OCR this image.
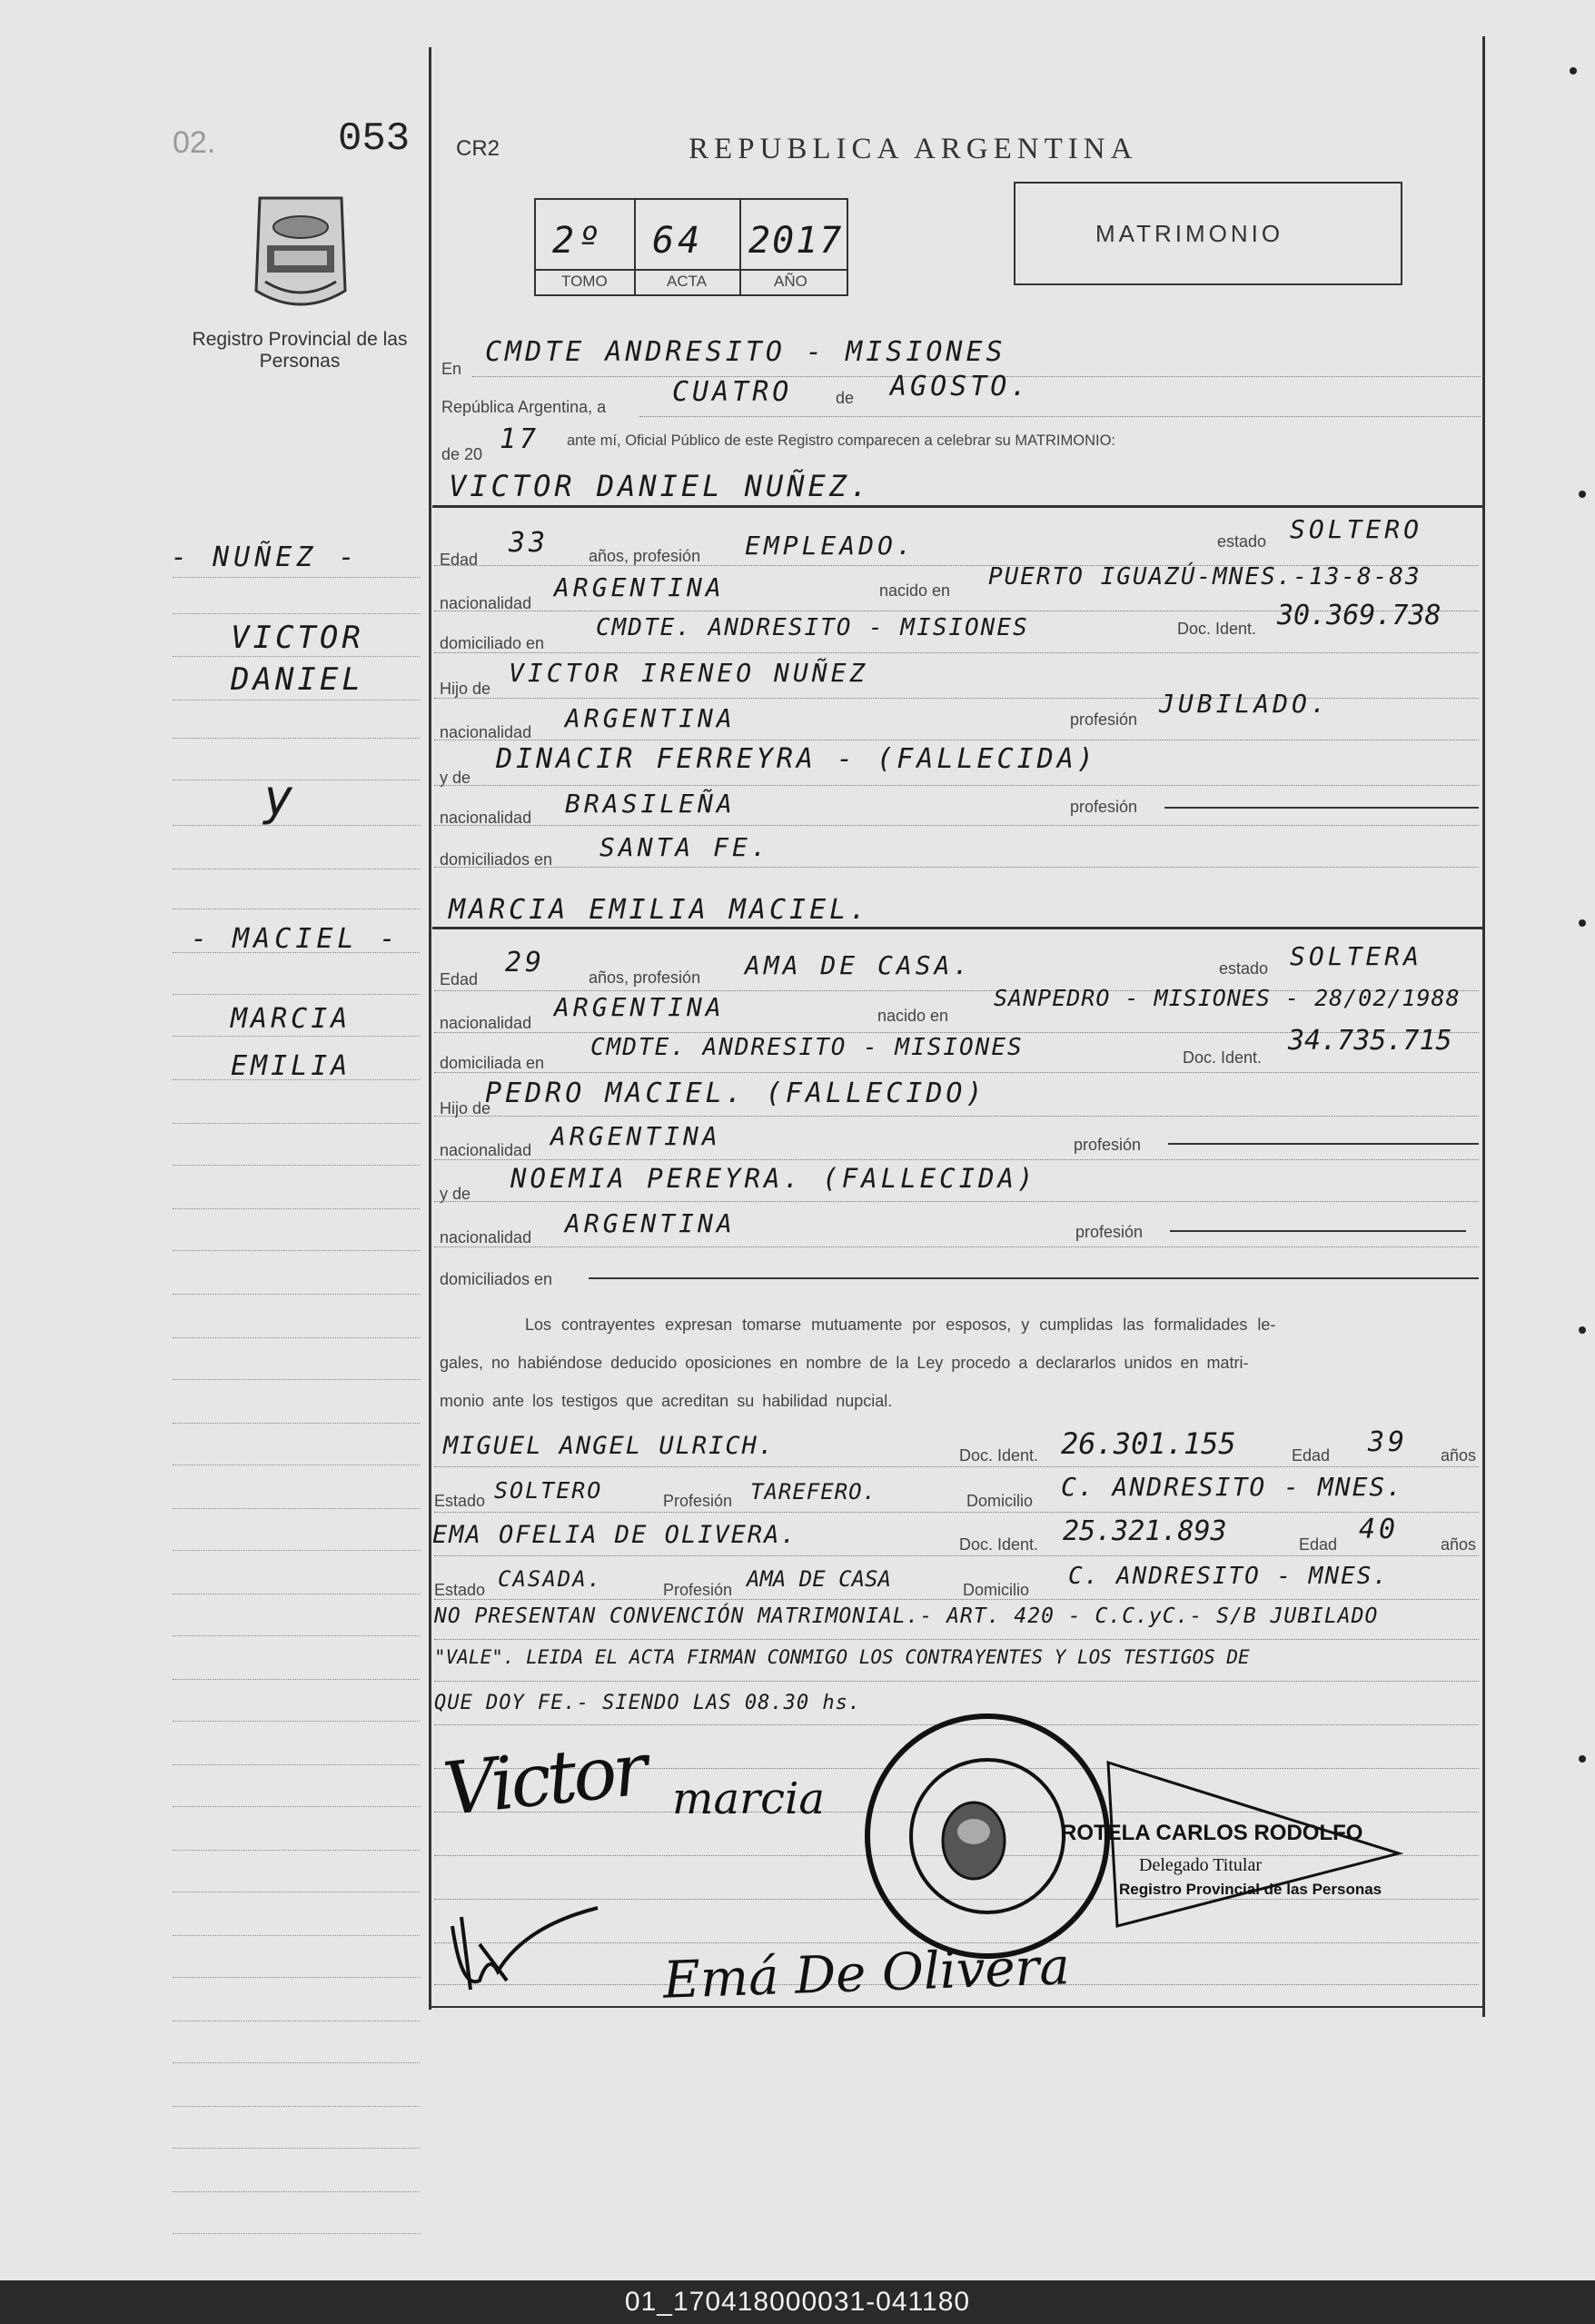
02.	053
Registro Provincial de las Personas
CR2	REPUBLICA ARGENTINA
2º 64 2017
TOMO	ACTA	AÑO
MATRIMONIO
En
CMDTE ANDRESITO - MISIONES
República Argentina, a CUATRO	de AGOSTO.
de 20 17 ante mí, Oficial Público de este Registro comparecen a celebrar su MATRIMONIO:
VICTOR DANIEL NUÑEZ.
Edad
33 años, profesión EMPLEADO.	estado SOLTERO
nacionalidad
ARGENTINA	nacido en PUERTO IGUAZÚ-MNES.-13-8-83
domiciliado en
CMDTE. ANDRESITO - MISIONES	Doc. Ident. 30.369.738
Hijo de
VICTOR IRENEO NUÑEZ
nacionalidad ARGENTINA	profesión
JUBILADO.
y de
DINACIR FERREYRA - (FALLECIDA)
nacionalidad BRASILEÑA	profesión
domiciliados en SANTA FE.
MARCIA EMILIA MACIEL.
Edad
29	años, profesión AMA DE CASA.	estado SOLTERA
nacionalidad
ARGENTINA	nacido en
SANPEDRO - MISIONES - 28/02/1988
domiciliada en
CMDTE. ANDRESITO - MISIONES	Doc. Ident.
34.735.715
Hijo de
PEDRO MACIEL. (FALLECIDO)
nacionalidad ARGENTINA	profesión
y de NOEMIA PEREYRA. (FALLECIDA)
nacionalidad ARGENTINA	profesión
domiciliados en
Los contrayentes expresan tomarse mutuamente por esposos, y cumplidas las formalidades le-
gales, no habiéndose deducido oposiciones en nombre de la Ley procedo a declararlos unidos en matri-
monio ante los testigos que acreditan su habilidad nupcial.
MIGUEL ANGEL ULRICH.	Doc. Ident. 26.301.155	Edad 39 años
Estado SOLTERO	Profesión TAREFERO.	Domicilio C. ANDRESITO - MNES.
EMA OFELIA DE OLIVERA.	Doc. Ident. 25.321.893	Edad 40	años
Estado CASADA.	Profesión AMA DE CASA	Domicilio C. ANDRESITO - MNES.
NO PRESENTAN CONVENCIÓN MATRIMONIAL.- ART. 420 - C.C.yC.- S/B JUBILADO
"VALE". LEIDA EL ACTA FIRMAN CONMIGO LOS CONTRAYENTES Y LOS TESTIGOS DE
QUE DOY FE.- SIENDO LAS 08.30 hs.
Victor marcia
Emá De Olivera
ROTELA CARLOS RODOLFO
Delegado Titular
Registro Provincial de las Personas
- NUÑEZ -
VICTOR
DANIEL
y
- MACIEL -
MARCIA
EMILIA
01_170418000031-041180
